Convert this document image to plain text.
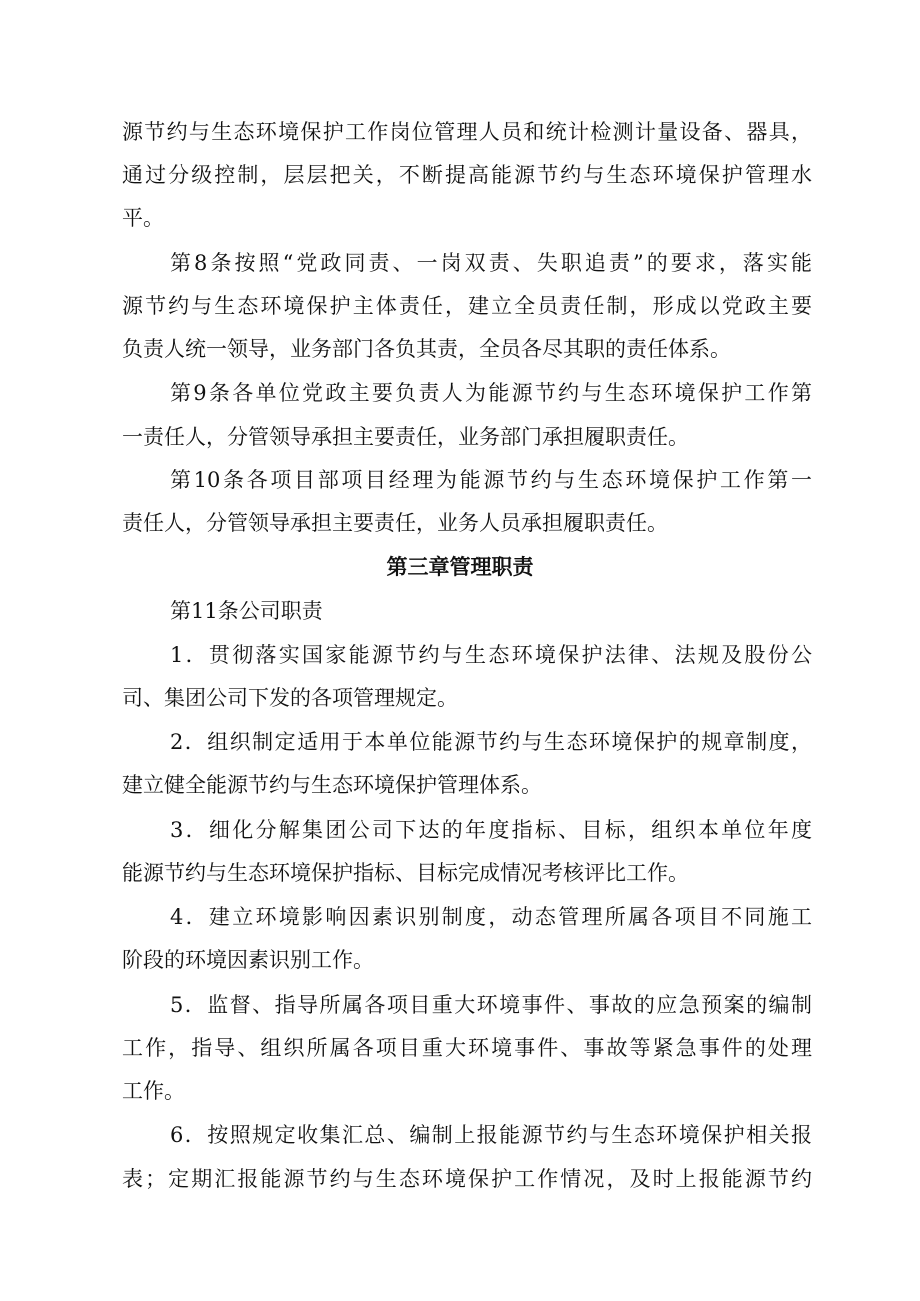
源节约与生态环境保护工作岗位管理人员和统计检测计量设备、器具，
通过分级控制，层层把关，不断提高能源节约与生态环境保护管理水
平。
第8条按照“党政同责、一岗双责、失职追责”的要求，落实能
源节约与生态环境保护主体责任，建立全员责任制，形成以党政主要
负责人统一领导，业务部门各负其责，全员各尽其职的责任体系。
第9条各单位党政主要负责人为能源节约与生态环境保护工作第
一责任人，分管领导承担主要责任，业务部门承担履职责任。
第10条各项目部项目经理为能源节约与生态环境保护工作第一
责任人，分管领导承担主要责任，业务人员承担履职责任。
第三章管理职责
第11条公司职责
1．贯彻落实国家能源节约与生态环境保护法律、法规及股份公
司、集团公司下发的各项管理规定。
2．组织制定适用于本单位能源节约与生态环境保护的规章制度，
建立健全能源节约与生态环境保护管理体系。
3．细化分解集团公司下达的年度指标、目标，组织本单位年度
能源节约与生态环境保护指标、目标完成情况考核评比工作。
4．建立环境影响因素识别制度，动态管理所属各项目不同施工
阶段的环境因素识别工作。
5．监督、指导所属各项目重大环境事件、事故的应急预案的编制
工作，指导、组织所属各项目重大环境事件、事故等紧急事件的处理
工作。
6．按照规定收集汇总、编制上报能源节约与生态环境保护相关报
表；定期汇报能源节约与生态环境保护工作情况，及时上报能源节约
